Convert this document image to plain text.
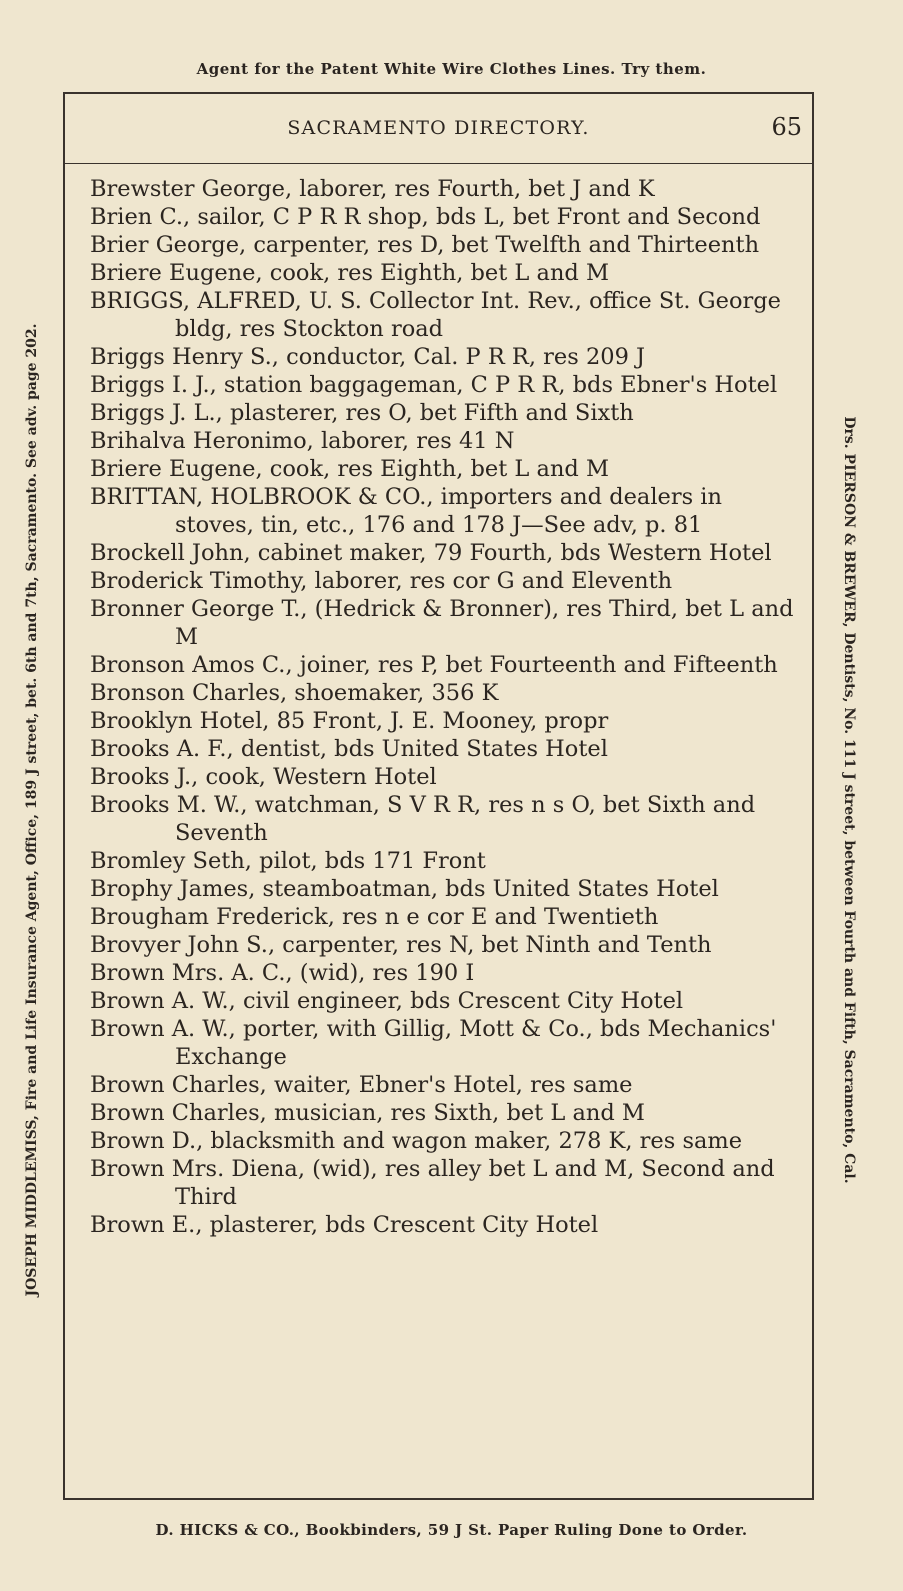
Agent for the Patent White Wire Clothes Lines. Try them.
JOSEPH MIDDLEMISS, Fire and Life Insurance Agent, Office, 189 J street, bet. 6th and 7th, Sacramento. See adv. page 202.
SACRAMENTO DIRECTORY.	65

Brewster George, laborer, res Fourth, bet J and K

Brien C., sailor, C P R R shop, bds L, bet Front and Second

Brier George, carpenter, res D, bet Twelfth and Thirteenth

Briere Eugene, cook, res Eighth, bet L and M

BRIGGS, ALFRED, U. S. Collector Int. Rev., office St. George bldg, res Stockton road

Briggs Henry S., conductor, Cal. P R R, res 209 J

Briggs I. J., station baggageman, C P R R, bds Ebner's Hotel

Briggs J. L., plasterer, res O, bet Fifth and Sixth

Brihalva Heronimo, laborer, res 41 N

Briere Eugene, cook, res Eighth, bet L and M

BRITTAN, HOLBROOK & CO., importers and dealers in stoves, tin, etc., 176 and 178 J—See adv, p. 81

Brockell John, cabinet maker, 79 Fourth, bds Western Hotel

Broderick Timothy, laborer, res cor G and Eleventh

Bronner George T., (Hedrick & Bronner), res Third, bet L and M

Bronson Amos C., joiner, res P, bet Fourteenth and Fifteenth

Bronson Charles, shoemaker, 356 K

Brooklyn Hotel, 85 Front, J. E. Mooney, propr

Brooks A. F., dentist, bds United States Hotel

Brooks J., cook, Western Hotel

Brooks M. W., watchman, S V R R, res n s O, bet Sixth and Seventh

Bromley Seth, pilot, bds 171 Front

Brophy James, steamboatman, bds United States Hotel

Brougham Frederick, res n e cor E and Twentieth

Brovyer John S., carpenter, res N, bet Ninth and Tenth

Brown Mrs. A. C., (wid), res 190 I

Brown A. W., civil engineer, bds Crescent City Hotel

Brown A. W., porter, with Gillig, Mott & Co., bds Mechanics' Exchange

Brown Charles, waiter, Ebner's Hotel, res same

Brown Charles, musician, res Sixth, bet L and M

Brown D., blacksmith and wagon maker, 278 K, res same

Brown Mrs. Diena, (wid), res alley bet L and M, Second and Third

Brown E., plasterer, bds Crescent City Hotel

D. HICKS & CO., Bookbinders, 59 J St. Paper Ruling Done to Order.
Drs. PIERSON & BREWER, Dentists, No. 111 J street, between Fourth and Fifth, Sacramento, Cal.
